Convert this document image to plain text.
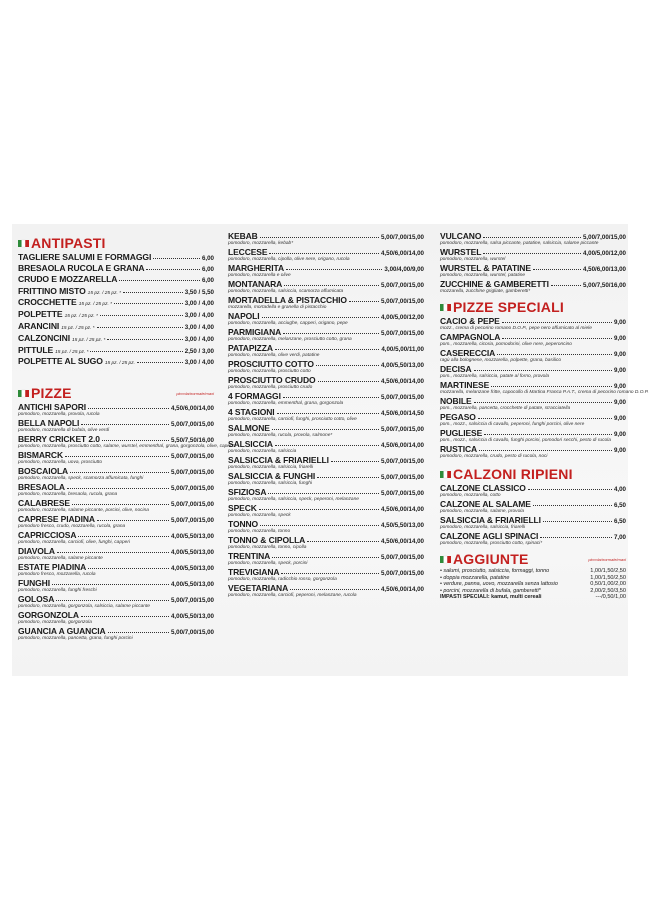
ANTIPASTI
TAGLIERE SALUMI E FORMAGGI	6,00
BRESAOLA RUCOLA E GRANA	6,00
CRUDO E MOZZARELLA	6,00
FRITTINO MISTO 15 pz. / 25 pz. *	3,50 / 5,50
CROCCHETTE 15 pz. / 25 pz. *	3,00 / 4,00
POLPETTE 15 pz. / 25 pz. *	3,00 / 4,00
ARANCINI 15 pz. / 25 pz. *	3,00 / 4,00
CALZONCINI 15 pz. / 25 pz. *	3,00 / 4,00
PITTULE 15 pz. / 25 pz. *	2,50 / 3,00
POLPETTE AL SUGO 15 pz. / 25 pz.	3,00 / 4,00
PIZZE	piccola/normale/maxi
ANTICHI SAPORI	4,50/6,00/14,00
pomodoro, mozzarella, provola, rucola
BELLA NAPOLI	5,00/7,00/15,00
pomodoro, mozzarella di bufala, olive verdi
BERRY CRICKET 2.0	5,50/7,50/16,00
pomodoro, mozzarella, prosciutto cotto, salame, wurstel, emmenthal, grana, gorgonzola, olive, capricci
BISMARCK	5,00/7,00/15,00
pomodoro, mozzarella, uova, prosciutto
BOSCAIOLA	5,00/7,00/15,00
pomodoro, mozzarella, speck, scamorza affumicata, funghi
BRESAOLA	5,00/7,00/15,00
pomodoro, mozzarella, bresaola, rucola, grana
CALABRESE	5,00/7,00/15,00
pomodoro, mozzarella, salame piccante, porcini, olive, nocina
CAPRESE PIADINA	5,00/7,00/15,00
pomodoro fresco, crudo, mozzarella, rucola, grana
CAPRICCIOSA	4,00/5,50/13,00
pomodoro, mozzarella, carciofi, olive, funghi, capperi
DIAVOLA	4,00/5,50/13,00
pomodoro, mozzarella, salame piccante
ESTATE PIADINA	4,00/5,50/13,00
pomodoro fresco, mozzarella, rucola
FUNGHI	4,00/5,50/13,00
pomodoro, mozzarella, funghi freschi
GOLOSA	5,00/7,00/15,00
pomodoro, mozzarella, gorgonzola, salsiccia, salame piccante
GORGONZOLA	4,00/5,50/13,00
pomodoro, mozzarella, gorgonzola
GUANCIA A GUANCIA	5,00/7,00/15,00
pomodoro, mozzarella, pancetta, grana, funghi porcini
KEBAB	5,00/7,00/15,00
pomodoro, mozzarella, kebab*
LECCESE	4,50/6,00/14,00
pomodoro, mozzarella, cipolla, olive nere, origano, rucola
MARGHERITA	3,00/4,00/9,00
pomodoro, mozzarella e olive
MONTANARA	5,00/7,00/15,00
pomodoro, mozzarella, salsiccia, scamorza affumicata
MORTADELLA & PISTACCHIO	5,00/7,00/15,00
mozzarella, mortadella e granella di pistacchio
NAPOLI	4,00/5,00/12,00
pomodoro, mozzarella, acciughe, capperi, origano, pepe
PARMIGIANA	5,00/7,00/15,00
pomodoro, mozzarella, melanzane, prosciutto cotto, grana
PATAPIZZA	4,00/5,00/11,00
pomodoro, mozzarella, olive verdi, patatine
PROSCIUTTO COTTO	4,00/5,50/13,00
pomodoro, mozzarella, prosciutto cotto
PROSCIUTTO CRUDO	4,50/6,00/14,00
pomodoro, mozzarella, prosciutto crudo
4 FORMAGGI	5,00/7,00/15,00
pomodoro, mozzarella, emmenthal, grana, gorgonzola
4 STAGIONI	4,50/6,00/14,50
pomodoro, mozzarella, carciofi, funghi, prosciutto cotto, olive
SALMONE	5,00/7,00/15,00
pomodoro, mozzarella, rucola, provola, salmone*
SALSICCIA	4,50/6,00/14,00
pomodoro, mozzarella, salsiccia
SALSICCIA & FRIARIELLI	5,00/7,00/15,00
pomodoro, mozzarella, salsiccia, friarelli
SALSICCIA & FUNGHI	5,00/7,00/15,00
pomodoro, mozzarella, salsiccia, funghi
SFIZIOSA	5,00/7,00/15,00
pomodoro, mozzarella, salsiccia, speck, peperoni, melanzane
SPECK	4,50/6,00/14,00
pomodoro, mozzarella, speck
TONNO	4,50/5,50/13,00
pomodoro, mozzarella, tonno
TONNO & CIPOLLA	4,50/6,00/14,00
pomodoro, mozzarella, tonno, cipolla
TRENTINA	5,00/7,00/15,00
pomodoro, mozzarella, speck, porcini
TREVIGIANA	5,00/7,00/15,00
pomodoro, mozzarella, radicchio rosso, gorgonzola
VEGETARIANA	4,50/6,00/14,00
pomodoro, mozzarella, carciofi, peperoni, melanzane, rucola
VULCANO	5,00/7,00/15,00
pomodoro, mozzarella, salsa piccante, patatine, salsiccia, salame piccante
WURSTEL	4,00/5,00/12,00
pomodoro, mozzarella, wurstel
WURSTEL & PATATINE	4,50/6,00/13,00
pomodoro, mozzarella, wurstel, patatine
ZUCCHINE & GAMBERETTI	5,00/7,50/16,00
mozzarella, zucchine grigliate, gamberetti*
PIZZE SPECIALI
CACIO & PEPE	9,00
mozz., crema di pecorino romano D.O.P., pepe nero affumicato al miele
CAMPAGNOLA	9,00
pom., mozzarella, cicoria, pomodorini, olive nere, peperoncino
CASERECCIA	9,00
ragù alla bolognese, mozzarella, polpette, grana, basilico
DECISA	9,00
pom., mozzarella, salsiccia, patate al forno, provola
MARTINESE	9,00
mozzarella, melanzane fritte, capocollo di Martina Franca P.A.T., crema di pecorino romano D.O.P.
NOBILE	9,00
pom., mozzarella, pancetta, crocchette di patate, stracciatella
PEGASO	9,00
pom., mozz., salsiccia di cavallo, peperoni, funghi porcini, olive nere
PUGLIESE	9,00
pom., mozz., salsiccia di cavallo, funghi porcini, pomodori secchi, pesto di rucola
RUSTICA	9,00
pomodoro, mozzarella, crudo, pesto di rucola, noci
CALZONI RIPIENI
CALZONE CLASSICO	4,00
pomodoro, mozzarella, cotto
CALZONE AL SALAME	6,50
pomodoro, mozzarella, salame, provola
SALSICCIA & FRIARIELLI	6,50
pomodoro, mozzarella, salsiccia, friarelli
CALZONE AGLI SPINACI	7,00
pomodoro, mozzarella, prosciutto cotto, spinaci*
AGGIUNTE	piccola/normale/maxi
• salumi, prosciutto, salsiccia, formaggi, tonno	1,00/1,50/2,50
• doppia mozzarella, patatine	1,00/1,50/2,50
• verdure, panna, uovo, mozzarella senza lattosio	0,50/1,00/2,00
• porcini, mozzarella di bufala, gamberetti*	2,00/2,50/3,50
IMPASTI SPECIALI: kamut, multi cereali	---/0,50/1,00
